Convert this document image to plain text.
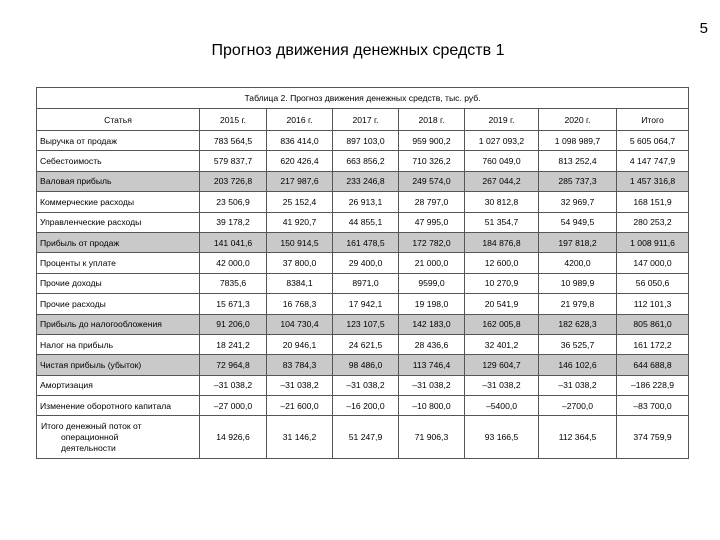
5
Прогноз движения денежных средств 1
Таблица 2. Прогноз движения денежных средств, тыс. руб.							
Статья	2015 г.	2016 г.	2017 г.	2018 г.	2019 г.	2020 г.	Итого
Выручка от продаж	783 564,5	836 414,0	897 103,0	959 900,2	1 027 093,2	1 098 989,7	5 605 064,7
Себестоимость	579 837,7	620 426,4	663 856,2	710 326,2	760 049,0	813 252,4	4 147 747,9
Валовая прибыль	203 726,8	217 987,6	233 246,8	249 574,0	267 044,2	285 737,3	1 457 316,8
Коммерческие расходы	23 506,9	25 152,4	26 913,1	28 797,0	30 812,8	32 969,7	168 151,9
Управленческие расходы	39 178,2	41 920,7	44 855,1	47 995,0	51 354,7	54 949,5	280 253,2
Прибыль от продаж	141 041,6	150 914,5	161 478,5	172 782,0	184 876,8	197 818,2	1 008 911,6
Проценты к уплате	42 000,0	37 800,0	29 400,0	21 000,0	12 600,0	4200,0	147 000,0
Прочие доходы	7835,6	8384,1	8971,0	9599,0	10 270,9	10 989,9	56 050,6
Прочие расходы	15 671,3	16 768,3	17 942,1	19 198,0	20 541,9	21 979,8	112 101,3
Прибыль до налогообложения	91 206,0	104 730,4	123 107,5	142 183,0	162 005,8	182 628,3	805 861,0
Налог на прибыль	18 241,2	20 946,1	24 621,5	28 436,6	32 401,2	36 525,7	161 172,2
Чистая прибыль (убыток)	72 964,8	83 784,3	98 486,0	113 746,4	129 604,7	146 102,6	644 688,8
Амортизация	–31 038,2	–31 038,2	–31 038,2	–31 038,2	–31 038,2	–31 038,2	–186 228,9
Изменение оборотного капитала	–27 000,0	–21 600,0	–16 200,0	–10 800,0	–5400,0	–2700,0	–83 700,0

Итого денежный поток от
операционной
деятельности	14 926,6	31 146,2	51 247,9	71 906,3	93 166,5	112 364,5	374 759,9
